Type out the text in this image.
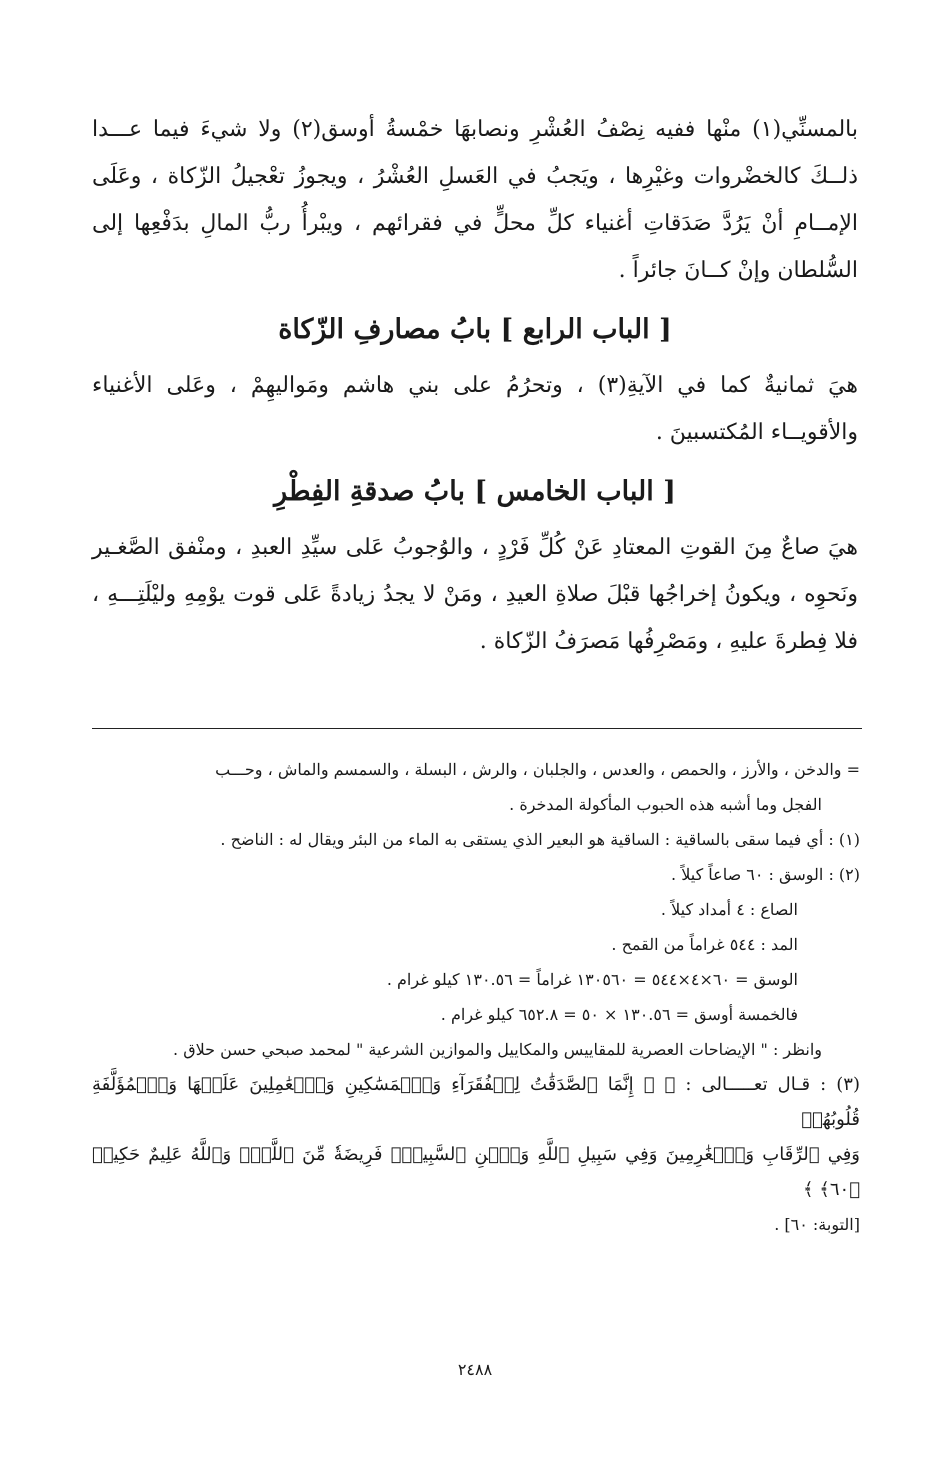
بالمسنِّي(١) منْها ففيه نِصْفُ العُشْرِ ونصابهَا خمْسةُ أوسق(٢) ولا شيءَ فيما عـــدا ذلــكَ كالخضْروات وغيْرِها ، ويَجبُ في العَسلِ العُشْرُ ، ويجوزُ تعْجيلُ الزّكاة ، وعَلَى الإمــامِ أنْ يَرُدَّ صَدَقاتِ أغنياء كلِّ محلٍّ في فقرائهم ، ويبْرأُ ربُّ المالِ بدَفْعِها إلى السُّلطان وإنْ كــانَ جائراً .

[ الباب الرابع ] بابُ مصارفِ الزّكاة

هيَ ثمانيةٌ كما في الآيةِ(٣) ، وتحرُمُ على بني هاشم ومَواليهِمْ ، وعَلى الأغنياء والأقويــاء المُكتسبينَ .

[ الباب الخامس ] بابُ صدقةِ الفِطْرِ

هيَ صاعٌ مِنَ القوتِ المعتادِ عَنْ كُلِّ فَرْدٍ ، والوُجوبُ عَلى سيِّدِ العبدِ ، ومنْفق الصَّغـير ونَحوِه ، ويكونُ إخراجُها قبْلَ صلاةِ العيدِ ، ومَنْ لا يجدُ زيادةً عَلى قوت يوْمِهِ وليْلَتِـــهِ ، فلا فِطرةَ عليهِ ، ومَصْرِفُها مَصرَفُ الزّكاة .

= والدخن ، والأرز ، والحمص ، والعدس ، والجلبان ، والرش ، البسلة ، والسمسم والماش ، وحـــب

الفجل وما أشبه هذه الحبوب المأكولة المدخرة .

(١) : أي فيما سقى بالساقية : الساقية هو البعير الذي يستقى به الماء من البئر ويقال له : الناضح .

(٢) : الوسق : ٦٠ صاعاً كيلاً .

الصاع : ٤ أمداد كيلاً .

المد : ٥٤٤ غراماً من القمح .

الوسق = ٦٠×٤×٥٤٤ = ١٣٠٥٦٠ غراماً = ١٣٠.٥٦ كيلو غرام .

فالخمسة أوسق = ١٣٠.٥٦ × ٥٠ = ٦٥٢.٨ كيلو غرام .

وانظر : " الإيضاحات العصرية للمقاييس والمكاييل والموازين الشرعية " لمحمد صبحي حسن حلاق .

(٣) : قـال تعـــــالى : ﴿ ۞ إِنَّمَا ٱلصَّدَقَٰتُ لِلۡفُقَرَآءِ وَٱلۡمَسَٰكِينِ وَٱلۡعَٰمِلِينَ عَلَيۡهَا وَٱلۡمُؤَلَّفَةِ قُلُوبُهُمۡ

وَفِي ٱلرِّقَابِ وَٱلۡغَٰرِمِينَ وَفِي سَبِيلِ ٱللَّهِ وَٱبۡنِ ٱلسَّبِيلِۖ فَرِيضَةٗ مِّنَ ٱللَّهِۗ وَٱللَّهُ عَلِيمٌ حَكِيمٞ ﴿٦٠﴾ ﴾

[التوبة: ٦٠] .

٢٤٨٨
